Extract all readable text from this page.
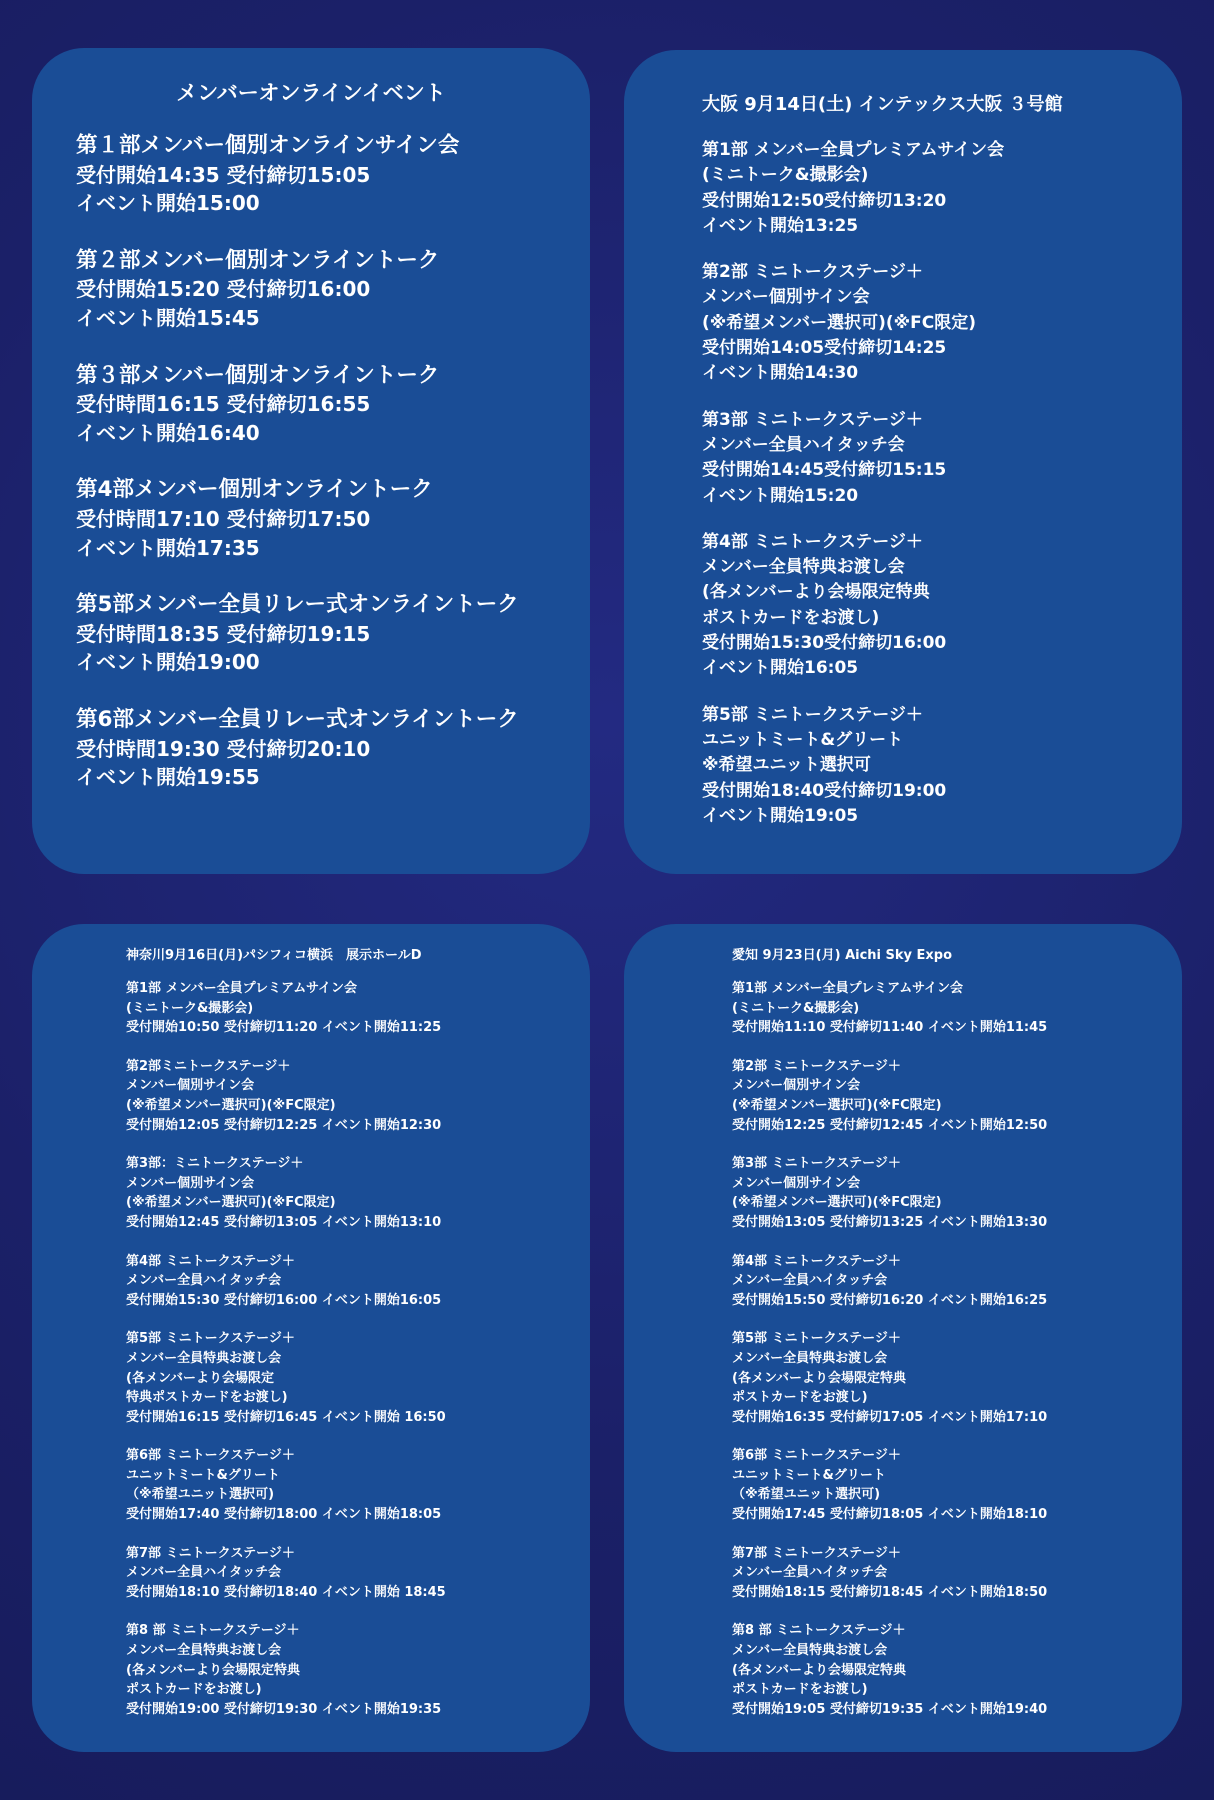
メンバーオンラインイベント
第１部メンバー個別オンラインサイン会
受付開始14:35 受付締切15:05
イベント開始15:00
第２部メンバー個別オンライントーク
受付開始15:20 受付締切16:00
イベント開始15:45
第３部メンバー個別オンライントーク
受付時間16:15 受付締切16:55
イベント開始16:40
第4部メンバー個別オンライントーク
受付時間17:10 受付締切17:50
イベント開始17:35
第5部メンバー全員リレー式オンライントーク
受付時間18:35 受付締切19:15
イベント開始19:00
第6部メンバー全員リレー式オンライントーク
受付時間19:30 受付締切20:10
イベント開始19:55
大阪 9月14日(土) インテックス大阪 ３号館
第1部 メンバー全員プレミアムサイン会
(ミニトーク&撮影会)
受付開始12:50受付締切13:20
イベント開始13:25
第2部 ミニトークステージ＋
メンバー個別サイン会
(※希望メンバー選択可)(※FC限定)
受付開始14:05受付締切14:25
イベント開始14:30
第3部 ミニトークステージ＋
メンバー全員ハイタッチ会
受付開始14:45受付締切15:15
イベント開始15:20
第4部 ミニトークステージ＋
メンバー全員特典お渡し会
(各メンバーより会場限定特典
ポストカードをお渡し)
受付開始15:30受付締切16:00
イベント開始16:05
第5部 ミニトークステージ＋
ユニットミート&グリート
※希望ユニット選択可
受付開始18:40受付締切19:00
イベント開始19:05
神奈川9月16日(月)パシフィコ横浜　展示ホールD
第1部 メンバー全員プレミアムサイン会
(ミニトーク&撮影会)
受付開始10:50 受付締切11:20 イベント開始11:25
第2部ミニトークステージ＋
メンバー個別サイン会
(※希望メンバー選択可)(※FC限定)
受付開始12:05 受付締切12:25 イベント開始12:30
第3部：ミニトークステージ＋
メンバー個別サイン会
(※希望メンバー選択可)(※FC限定)
受付開始12:45 受付締切13:05 イベント開始13:10
第4部 ミニトークステージ＋
メンバー全員ハイタッチ会
受付開始15:30 受付締切16:00 イベント開始16:05
第5部 ミニトークステージ＋
メンバー全員特典お渡し会
(各メンバーより会場限定
特典ポストカードをお渡し)
受付開始16:15 受付締切16:45 イベント開始 16:50
第6部 ミニトークステージ＋
ユニットミート&グリート
（※希望ユニット選択可)
受付開始17:40 受付締切18:00 イベント開始18:05
第7部 ミニトークステージ＋
メンバー全員ハイタッチ会
受付開始18:10 受付締切18:40 イベント開始 18:45
第8 部 ミニトークステージ＋
メンバー全員特典お渡し会
(各メンバーより会場限定特典
ポストカードをお渡し)
受付開始19:00 受付締切19:30 イベント開始19:35
愛知 9月23日(月) Aichi Sky Expo
第1部 メンバー全員プレミアムサイン会
(ミニトーク&撮影会)
受付開始11:10 受付締切11:40 イベント開始11:45
第2部 ミニトークステージ＋
メンバー個別サイン会
(※希望メンバー選択可)(※FC限定)
受付開始12:25 受付締切12:45 イベント開始12:50
第3部 ミニトークステージ＋
メンバー個別サイン会
(※希望メンバー選択可)(※FC限定)
受付開始13:05 受付締切13:25 イベント開始13:30
第4部 ミニトークステージ＋
メンバー全員ハイタッチ会
受付開始15:50 受付締切16:20 イベント開始16:25
第5部 ミニトークステージ＋
メンバー全員特典お渡し会
(各メンバーより会場限定特典
ポストカードをお渡し)
受付開始16:35 受付締切17:05 イベント開始17:10
第6部 ミニトークステージ＋
ユニットミート&グリート
（※希望ユニット選択可)
受付開始17:45 受付締切18:05 イベント開始18:10
第7部 ミニトークステージ＋
メンバー全員ハイタッチ会
受付開始18:15 受付締切18:45 イベント開始18:50
第8 部 ミニトークステージ＋
メンバー全員特典お渡し会
(各メンバーより会場限定特典
ポストカードをお渡し)
受付開始19:05 受付締切19:35 イベント開始19:40
